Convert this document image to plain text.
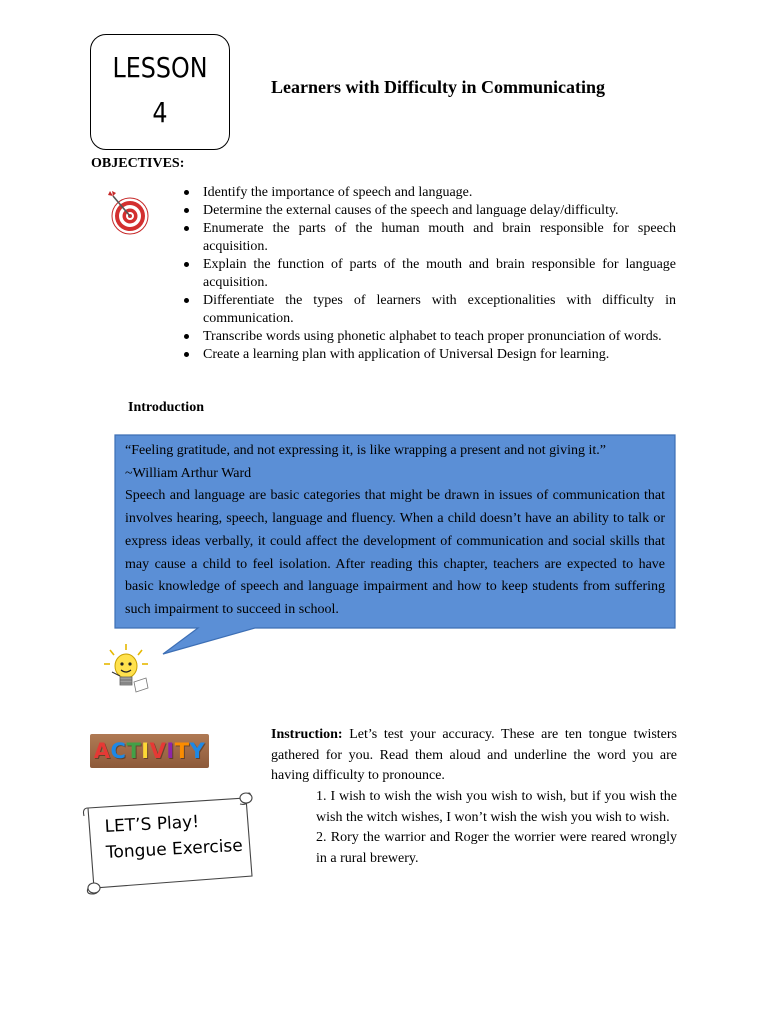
LESSON
4
Learners with Difficulty in Communicating
OBJECTIVES:
Identify the importance of speech and language.
Determine the external causes of the speech and language delay/difficulty.
Enumerate the parts of the human mouth and brain responsible for speech acquisition.
Explain the function of parts of the mouth and brain responsible for language acquisition.
Differentiate the types of learners with exceptionalities with difficulty in communication.
Transcribe words using phonetic alphabet to teach proper pronunciation of words.
Create a learning plan with application of Universal Design for learning.
Introduction

“Feeling gratitude, and not expressing it, is like wrapping a present and not giving it.”

~William Arthur Ward

Speech and language are basic categories that might be drawn in issues of communication that involves hearing, speech, language and fluency. When a child doesn’t have an ability to talk or express ideas verbally, it could affect the development of communication and social skills that may cause a child to feel isolation. After reading this chapter, teachers are expected to have basic knowledge of speech and language impairment and how to keep students from suffering such impairment to succeed in school.

A C T I V I T Y
LET’S Play!
Tongue Exercise
Instruction: Let’s test your accuracy. These are ten tongue twisters gathered for you. Read them aloud and underline the word you are having difficulty to pronounce.

1. I wish to wish the wish you wish to wish, but if you wish the wish the witch wishes, I won’t wish the wish you wish to wish.

2. Rory the warrior and Roger the worrier were reared wrongly in a rural brewery.
